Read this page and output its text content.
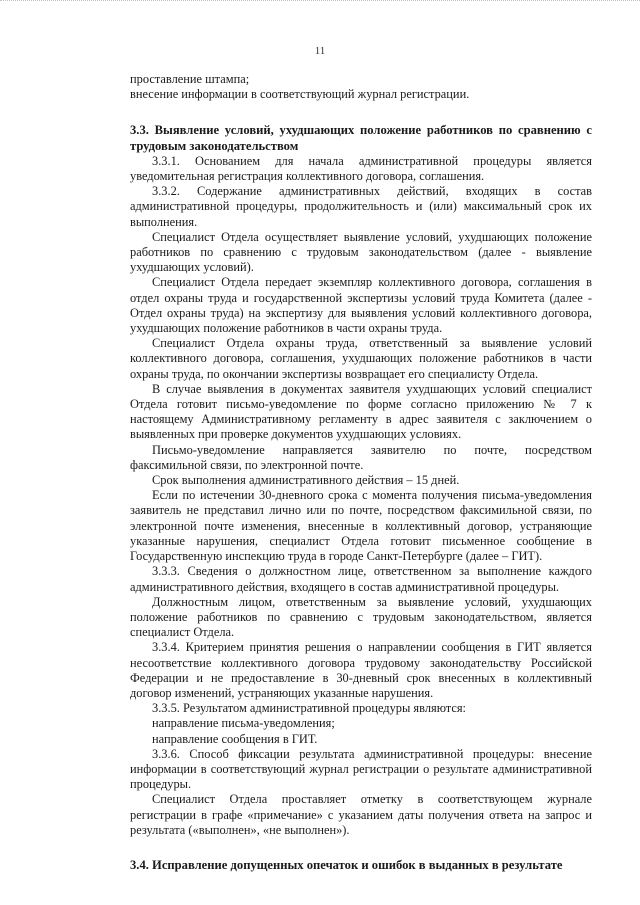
11

проставление штампа;

внесение информации в соответствующий журнал регистрации.

3.3. Выявление условий, ухудшающих положение работников по сравнению с трудовым законодательством

3.3.1. Основанием для начала административной процедуры является уведомительная регистрация коллективного договора, соглашения.

3.3.2. Содержание административных действий, входящих в состав административной процедуры, продолжительность и (или) максимальный срок их выполнения.

Специалист Отдела осуществляет выявление условий, ухудшающих положение работников по сравнению с трудовым законодательством (далее - выявление ухудшающих условий).

Специалист Отдела передает экземпляр коллективного договора, соглашения в отдел охраны труда и государственной экспертизы условий труда Комитета (далее - Отдел охраны труда) на экспертизу для выявления условий коллективного договора, ухудшающих положение работников в части охраны труда.

Специалист Отдела охраны труда, ответственный за выявление условий коллективного договора, соглашения, ухудшающих положение работников в части охраны труда, по окончании экспертизы возвращает его специалисту Отдела.

В случае выявления в документах заявителя ухудшающих условий специалист Отдела готовит письмо-уведомление по форме согласно приложению № 7 к настоящему Административному регламенту в адрес заявителя с заключением о выявленных при проверке документов ухудшающих условиях.

Письмо-уведомление направляется заявителю по почте, посредством факсимильной связи, по электронной почте.

Срок выполнения административного действия – 15 дней.

Если по истечении 30-дневного срока с момента получения письма-уведомления заявитель не представил лично или по почте, посредством факсимильной связи, по электронной почте изменения, внесенные в коллективный договор, устраняющие указанные нарушения, специалист Отдела готовит письменное сообщение в Государственную инспекцию труда в городе Санкт-Петербурге (далее – ГИТ).

3.3.3. Сведения о должностном лице, ответственном за выполнение каждого административного действия, входящего в состав административной процедуры.

Должностным лицом, ответственным за выявление условий, ухудшающих положение работников по сравнению с трудовым законодательством, является специалист Отдела.

3.3.4. Критерием принятия решения о направлении сообщения в ГИТ является несоответствие коллективного договора трудовому законодательству Российской Федерации и не предоставление в 30-дневный срок внесенных в коллективный договор изменений, устраняющих указанные нарушения.

3.3.5. Результатом административной процедуры являются:

направление письма-уведомления;

направление сообщения в ГИТ.

3.3.6. Способ фиксации результата административной процедуры: внесение информации в соответствующий журнал регистрации о результате административной процедуры.

Специалист Отдела проставляет отметку в соответствующем журнале регистрации в графе «примечание» с указанием даты получения ответа на запрос и результата («выполнен», «не выполнен»).

3.4. Исправление допущенных опечаток и ошибок в выданных в результате
